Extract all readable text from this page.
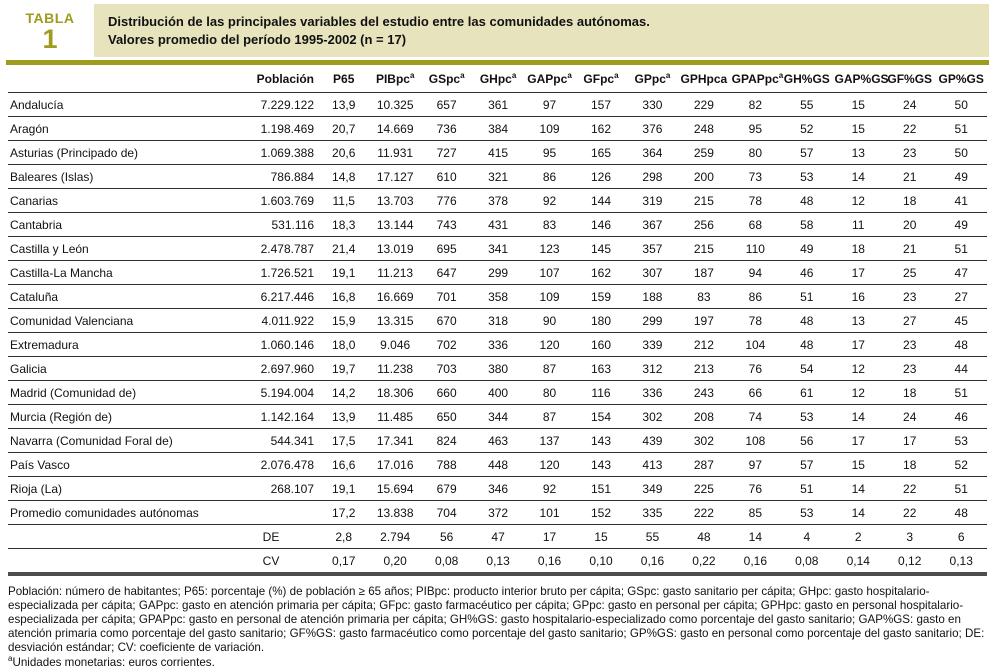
TABLA
1
Distribución de las principales variables del estudio entre las comunidades autónomas.
Valores promedio del período 1995-2002 (n = 17)
	Población	P65	PIBpc$^a$	GSpc$^a$	GHpc$^a$	GAPpc$^a$	GFpc$^a$	GPpc$^a$	GPHpca	GPAPpc$^a$	GH%GS	GAP%GS	GF%GS	GP%GS
Andalucía	7.229.122	13,9	10.325	657	361	97	157	330	229	82	55	15	24	50
Aragón	1.198.469	20,7	14.669	736	384	109	162	376	248	95	52	15	22	51
Asturias (Principado de)	1.069.388	20,6	11.931	727	415	95	165	364	259	80	57	13	23	50
Baleares (Islas)	786.884	14,8	17.127	610	321	86	126	298	200	73	53	14	21	49
Canarias	1.603.769	11,5	13.703	776	378	92	144	319	215	78	48	12	18	41
Cantabria	531.116	18,3	13.144	743	431	83	146	367	256	68	58	11	20	49
Castilla y León	2.478.787	21,4	13.019	695	341	123	145	357	215	110	49	18	21	51
Castilla-La Mancha	1.726.521	19,1	11.213	647	299	107	162	307	187	94	46	17	25	47
Cataluña	6.217.446	16,8	16.669	701	358	109	159	188	83	86	51	16	23	27
Comunidad Valenciana	4.011.922	15,9	13.315	670	318	90	180	299	197	78	48	13	27	45
Extremadura	1.060.146	18,0	9.046	702	336	120	160	339	212	104	48	17	23	48
Galicia	2.697.960	19,7	11.238	703	380	87	163	312	213	76	54	12	23	44
Madrid (Comunidad de)	5.194.004	14,2	18.306	660	400	80	116	336	243	66	61	12	18	51
Murcia (Región de)	1.142.164	13,9	11.485	650	344	87	154	302	208	74	53	14	24	46
Navarra (Comunidad Foral de)	544.341	17,5	17.341	824	463	137	143	439	302	108	56	17	17	53
País Vasco	2.076.478	16,6	17.016	788	448	120	143	413	287	97	57	15	18	52
Rioja (La)	268.107	19,1	15.694	679	346	92	151	349	225	76	51	14	22	51
Promedio comunidades autónomas		17,2	13.838	704	372	101	152	335	222	85	53	14	22	48
	DE	2,8	2.794	56	47	17	15	55	48	14	4	2	3	6
	CV	0,17	0,20	0,08	0,13	0,16	0,10	0,16	0,22	0,16	0,08	0,14	0,12	0,13

Población: número de habitantes; P65: porcentaje (%) de población ≥ 65 años; PIBpc: producto interior bruto per cápita; GSpc: gasto sanitario per cápita; GHpc: gasto hospitalario-especializada per cápita; GAPpc: gasto en atención primaria per cápita; GFpc: gasto farmacéutico per cápita; GPpc: gasto en personal per cápita; GPHpc: gasto en personal hospitalario-especializada per cápita; GPAPpc: gasto en personal de atención primaria per cápita; GH%GS: gasto hospitalario-especializado como porcentaje del gasto sanitario; GAP%GS: gasto en atención primaria como porcentaje del gasto sanitario; GF%GS: gasto farmacéutico como porcentaje del gasto sanitario; GP%GS: gasto en personal como porcentaje del gasto sanitario; DE: desviación estándar; CV: coeficiente de variación.

$^a$Unidades monetarias: euros corrientes.
